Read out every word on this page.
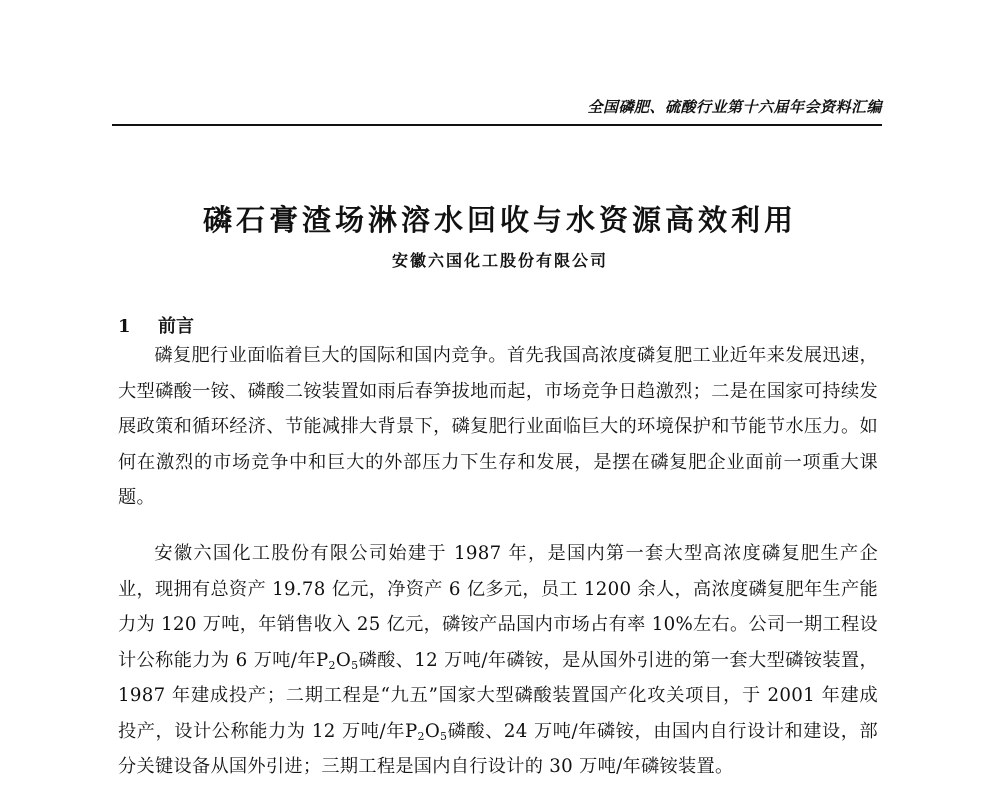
全国磷肥、硫酸行业第十六届年会资料汇编
磷石膏渣场淋溶水回收与水资源高效利用
安徽六国化工股份有限公司
1 前言

磷复肥行业面临着巨大的国际和国内竞争。首先我国高浓度磷复肥工业近年来发展迅速，大型磷酸一铵、磷酸二铵装置如雨后春笋拔地而起，市场竞争日趋激烈；二是在国家可持续发展政策和循环经济、节能减排大背景下，磷复肥行业面临巨大的环境保护和节能节水压力。如何在激烈的市场竞争中和巨大的外部压力下生存和发展，是摆在磷复肥企业面前一项重大课题。

安徽六国化工股份有限公司始建于 1987 年，是国内第一套大型高浓度磷复肥生产企业，现拥有总资产 19.78 亿元，净资产 6 亿多元，员工 1200 余人，高浓度磷复肥年生产能力为 120 万吨，年销售收入 25 亿元，磷铵产品国内市场占有率 10%左右。公司一期工程设计公称能力为 6 万吨/年$P_2O_5$磷酸、12 万吨/年磷铵，是从国外引进的第一套大型磷铵装置，1987 年建成投产；二期工程是“九五”国家大型磷酸装置国产化攻关项目，于 2001 年建成投产，设计公称能力为 12 万吨/年$P_2O_5$磷酸、24 万吨/年磷铵，由国内自行设计和建设，部分关键设备从国外引进；三期工程是国内自行设计的 30 万吨/年磷铵装置。
